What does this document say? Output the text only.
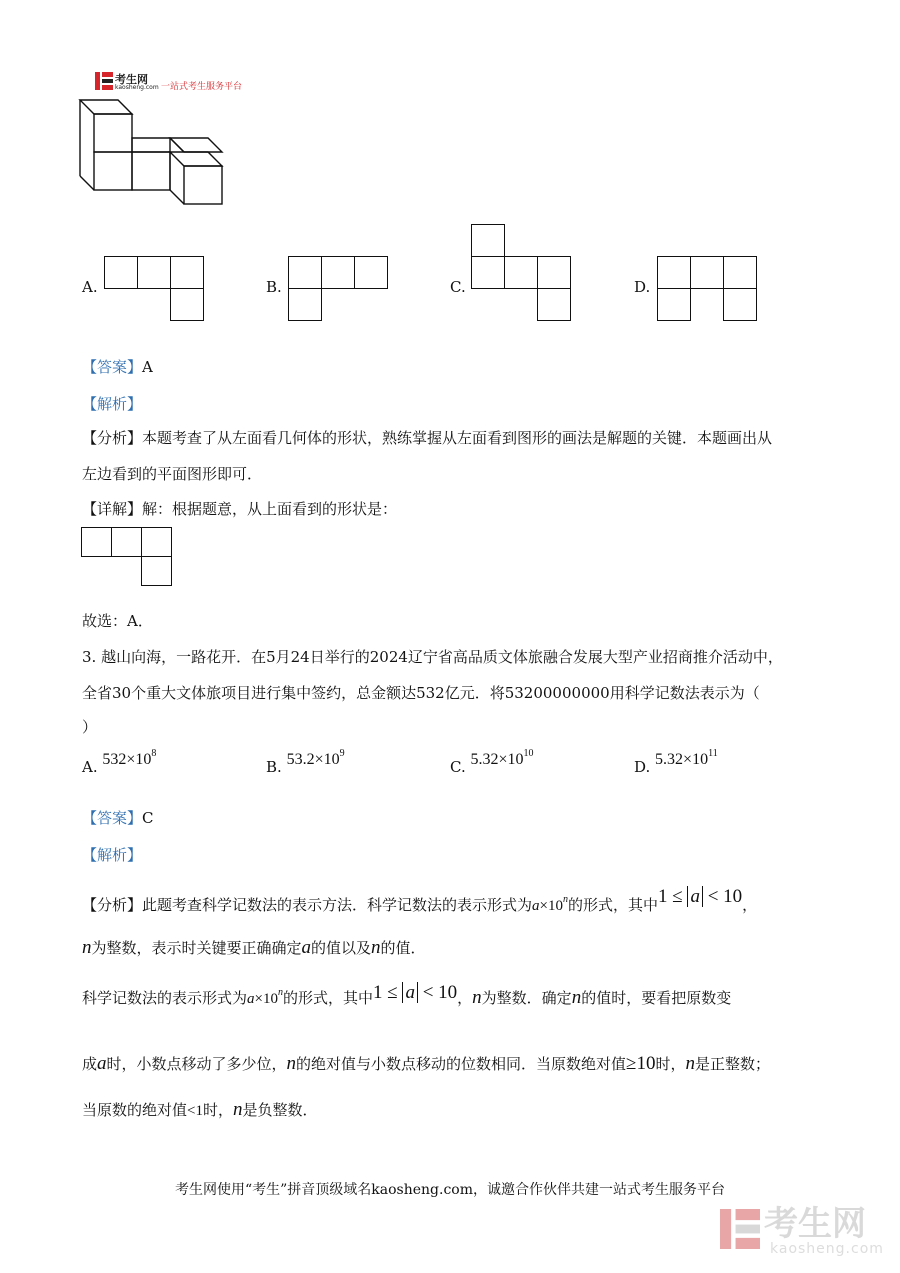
考生网
kaosheng.com 一站式考生服务平台
A.	B.	C.	D.
【答案】A
【解析】
【分析】本题考查了从左面看几何体的形状，熟练掌握从左面看到图形的画法是解题的关键．本题画出从
左边看到的平面图形即可．
【详解】解：根据题意，从上面看到的形状是：
故选：A．
3. 越山向海，一路花开．在5月24日举行的2024辽宁省高品质文体旅融合发展大型产业招商推介活动中，
全省30个重大文体旅项目进行集中签约，总金额达532亿元．将53200000000用科学记数法表示为（
）
A. $532\times 10^8$
B. $53.2\times 10^9$
C. $5.32\times 10^{10}$
D. $5.32\times 10^{11}$
【答案】C
【解析】
【分析】此题考查科学记数法的表示方法．科学记数法的表示形式为$a\times 10^n$的形式，其中1 ≤ a < 10，
n为整数，表示时关键要正确确定a的值以及n的值．
科学记数法的表示形式为$a\times 10^n$的形式，其中1 ≤ a < 10，n为整数．确定n的值时，要看把原数变
成a时，小数点移动了多少位，n的绝对值与小数点移动的位数相同．当原数绝对值≥10时，n是正整数；
当原数的绝对值<1时，n是负整数．
考生网使用“考生”拼音顶级域名kaosheng.com，诚邀合作伙伴共建一站式考生服务平台
考生网
kaosheng.com
